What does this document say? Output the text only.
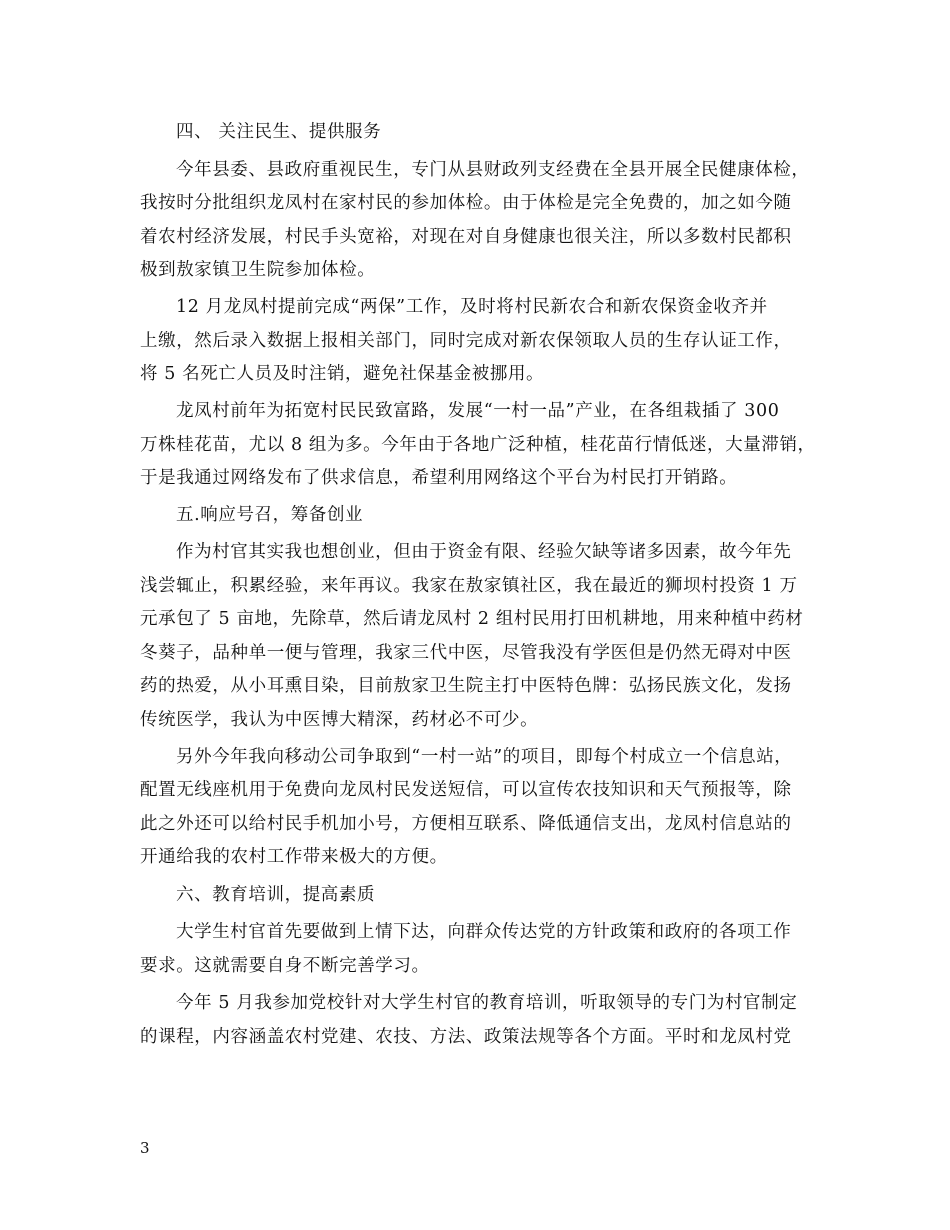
四、 关注民生、提供服务
今年县委、县政府重视民生，专门从县财政列支经费在全县开展全民健康体检，
我按时分批组织龙凤村在家村民的参加体检。由于体检是完全免费的，加之如今随
着农村经济发展，村民手头宽裕，对现在对自身健康也很关注，所以多数村民都积
极到敖家镇卫生院参加体检。
12 月龙凤村提前完成“两保”工作，及时将村民新农合和新农保资金收齐并
上缴，然后录入数据上报相关部门，同时完成对新农保领取人员的生存认证工作，
将 5 名死亡人员及时注销，避免社保基金被挪用。
龙凤村前年为拓宽村民民致富路，发展“一村一品”产业，在各组栽插了 300
万株桂花苗，尤以 8 组为多。今年由于各地广泛种植，桂花苗行情低迷，大量滞销，
于是我通过网络发布了供求信息，希望利用网络这个平台为村民打开销路。
五.响应号召，筹备创业
作为村官其实我也想创业，但由于资金有限、经验欠缺等诸多因素，故今年先
浅尝辄止，积累经验，来年再议。我家在敖家镇社区，我在最近的狮坝村投资 1 万
元承包了 5 亩地，先除草，然后请龙凤村 2 组村民用打田机耕地，用来种植中药材
冬葵子，品种单一便与管理，我家三代中医，尽管我没有学医但是仍然无碍对中医
药的热爱，从小耳熏目染，目前敖家卫生院主打中医特色牌：弘扬民族文化，发扬
传统医学，我认为中医博大精深，药材必不可少。
另外今年我向移动公司争取到“一村一站”的项目，即每个村成立一个信息站，
配置无线座机用于免费向龙凤村民发送短信，可以宣传农技知识和天气预报等，除
此之外还可以给村民手机加小号，方便相互联系、降低通信支出，龙凤村信息站的
开通给我的农村工作带来极大的方便。
六、教育培训，提高素质
大学生村官首先要做到上情下达，向群众传达党的方针政策和政府的各项工作
要求。这就需要自身不断完善学习。
今年 5 月我参加党校针对大学生村官的教育培训，听取领导的专门为村官制定
的课程，内容涵盖农村党建、农技、方法、政策法规等各个方面。平时和龙凤村党
3
